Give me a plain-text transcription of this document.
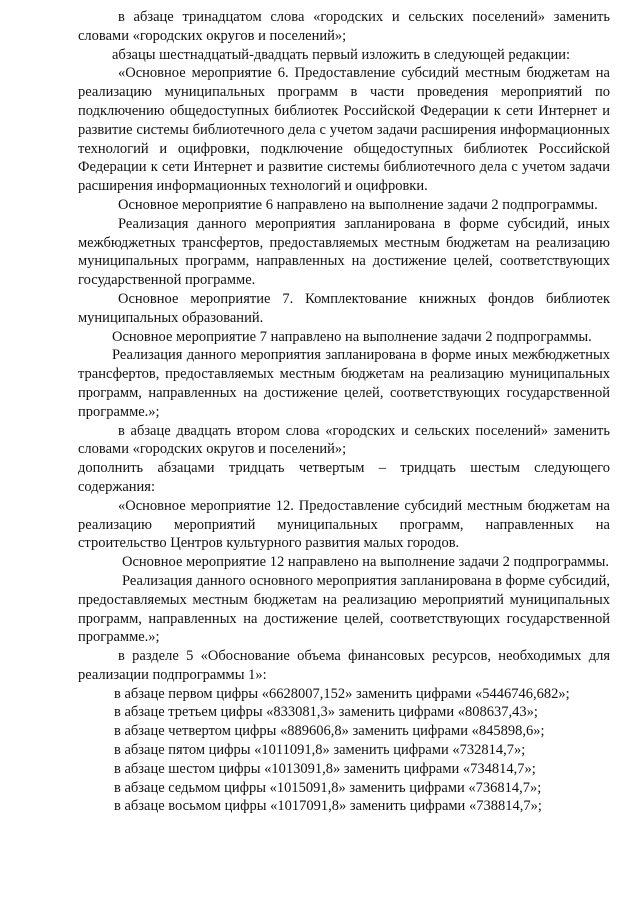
в абзаце тринадцатом слова «городских и сельских поселений» заменить словами «городских округов и поселений»;

абзацы шестнадцатый-двадцать первый изложить в следующей редакции:

«Основное мероприятие 6. Предоставление субсидий местным бюджетам на реализацию муниципальных программ в части проведения мероприятий по подключению общедоступных библиотек Российской Федерации к сети Интернет и развитие системы библиотечного дела с учетом задачи расширения информационных технологий и оцифровки, подключение общедоступных библиотек Российской Федерации к сети Интернет и развитие системы библиотечного дела с учетом задачи расширения информационных технологий и оцифровки.

Основное мероприятие 6 направлено на выполнение задачи 2 подпрограммы.

Реализация данного мероприятия запланирована в форме субсидий, иных межбюджетных трансфертов, предоставляемых местным бюджетам на реализацию муниципальных программ, направленных на достижение целей, соответствующих государственной программе.

Основное мероприятие 7. Комплектование книжных фондов библиотек муниципальных образований.

Основное мероприятие 7 направлено на выполнение задачи 2 подпрограммы.

Реализация данного мероприятия запланирована в форме иных межбюджетных трансфертов, предоставляемых местным бюджетам на реализацию муниципальных программ, направленных на достижение целей, соответствующих государственной программе.»;

в абзаце двадцать втором слова «городских и сельских поселений» заменить словами «городских округов и поселений»;

дополнить абзацами тридцать четвертым – тридцать шестым следующего содержания:

«Основное мероприятие 12. Предоставление субсидий местным бюджетам на реализацию мероприятий муниципальных программ, направленных на строительство Центров культурного развития малых городов.

Основное мероприятие 12 направлено на выполнение задачи 2 подпрограммы.

Реализация данного основного мероприятия запланирована в форме субсидий, предоставляемых местным бюджетам на реализацию мероприятий муниципальных программ, направленных на достижение целей, соответствующих государственной программе.»;

в разделе 5 «Обоснование объема финансовых ресурсов, необходимых для реализации подпрограммы 1»:

в абзаце первом цифры «6628007,152» заменить цифрами «5446746,682»;
в абзаце третьем цифры «833081,3» заменить цифрами «808637,43»;
в абзаце четвертом цифры «889606,8» заменить цифрами «845898,6»;
в абзаце пятом цифры «1011091,8» заменить цифрами «732814,7»;
в абзаце шестом цифры «1013091,8» заменить цифрами «734814,7»;
в абзаце седьмом цифры «1015091,8» заменить цифрами «736814,7»;
в абзаце восьмом цифры «1017091,8» заменить цифрами «738814,7»;
